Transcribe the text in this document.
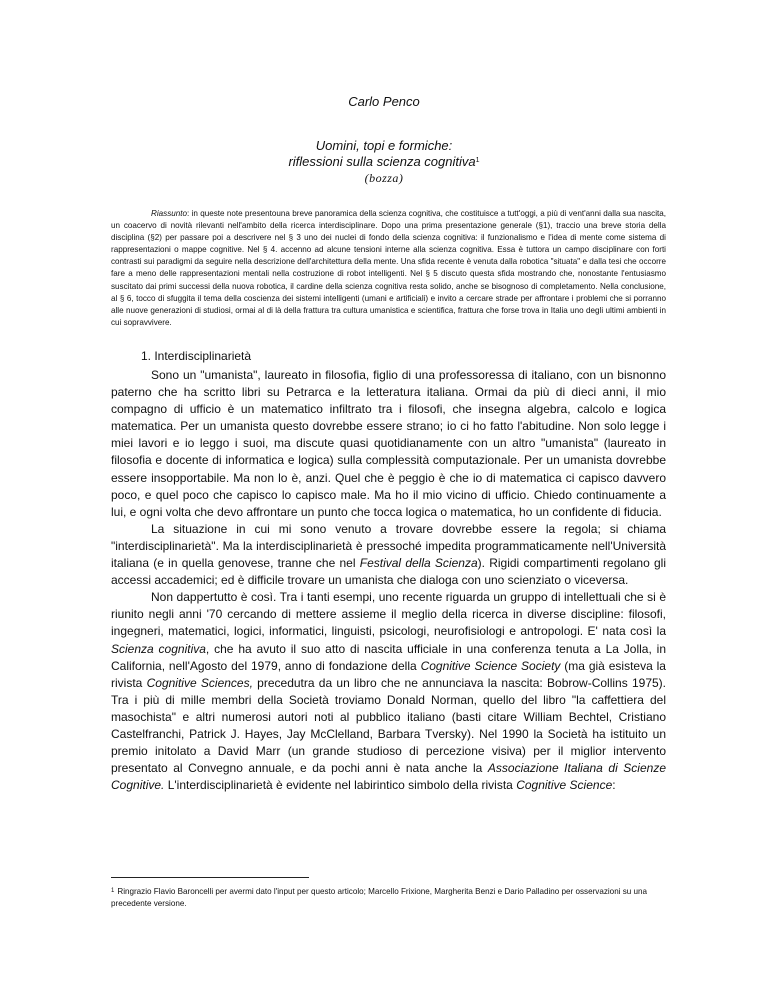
Carlo Penco
Uomini, topi e formiche:
riflessioni sulla scienza cognitiva$^1$
(bozza)

Riassunto: in queste note presentouna breve panoramica della scienza cognitiva, che costituisce a tutt'oggi, a più di vent'anni dalla sua nascita, un coacervo di novità rilevanti nell'ambito della ricerca interdisciplinare. Dopo una prima presentazione generale (§1), traccio una breve storia della disciplina (§2) per passare poi a descrivere nel § 3 uno dei nuclei di fondo della scienza cognitiva: il funzionalismo e l'idea di mente come sistema di rappresentazioni o mappe cognitive. Nel § 4. accenno ad alcune tensioni interne alla scienza cognitiva. Essa è tuttora un campo disciplinare con forti contrasti sui paradigmi da seguire nella descrizione dell'architettura della mente. Una sfida recente è venuta dalla robotica "situata" e dalla tesi che occorre fare a meno delle rappresentazioni mentali nella costruzione di robot intelligenti. Nel § 5 discuto questa sfida mostrando che, nonostante l'entusiasmo suscitato dai primi successi della nuova robotica, il cardine della scienza cognitiva resta solido, anche se bisognoso di completamento. Nella conclusione, al § 6, tocco di sfuggita il tema della coscienza dei sistemi intelligenti (umani e artificiali) e invito a cercare strade per affrontare i problemi che si porranno alle nuove generazioni di studiosi, ormai al di là della frattura tra cultura umanistica e scientifica, frattura che forse trova in Italia uno degli ultimi ambienti in cui sopravvivere.

1. Interdisciplinarietà

Sono un "umanista", laureato in filosofia, figlio di una professoressa di italiano, con un bisnonno paterno che ha scritto libri su Petrarca e la letteratura italiana. Ormai da più di dieci anni, il mio compagno di ufficio è un matematico infiltrato tra i filosofi, che insegna algebra, calcolo e logica matematica. Per un umanista questo dovrebbe essere strano; io ci ho fatto l'abitudine. Non solo legge i miei lavori e io leggo i suoi, ma discute quasi quotidianamente con un altro "umanista" (laureato in filosofia e docente di informatica e logica) sulla complessità computazionale. Per un umanista dovrebbe essere insopportabile. Ma non lo è, anzi. Quel che è peggio è che io di matematica ci capisco davvero poco, e quel poco che capisco lo capisco male. Ma ho il mio vicino di ufficio. Chiedo continuamente a lui, e ogni volta che devo affrontare un punto che tocca logica o matematica, ho un confidente di fiducia.

La situazione in cui mi sono venuto a trovare dovrebbe essere la regola; si chiama "interdisciplinarietà". Ma la interdisciplinarietà è pressoché impedita programmaticamente nell'Università italiana (e in quella genovese, tranne che nel Festival della Scienza). Rigidi compartimenti regolano gli accessi accademici; ed è difficile trovare un umanista che dialoga con uno scienziato o viceversa.

Non dappertutto è così. Tra i tanti esempi, uno recente riguarda un gruppo di intellettuali che si è riunito negli anni '70 cercando di mettere assieme il meglio della ricerca in diverse discipline: filosofi, ingegneri, matematici, logici, informatici, linguisti, psicologi, neurofisiologi e antropologi. E' nata così la Scienza cognitiva, che ha avuto il suo atto di nascita ufficiale in una conferenza tenuta a La Jolla, in California, nell'Agosto del 1979, anno di fondazione della Cognitive Science Society (ma già esisteva la rivista Cognitive Sciences, precedutra da un libro che ne annunciava la nascita: Bobrow-Collins 1975). Tra i più di mille membri della Società troviamo Donald Norman, quello del libro "la caffettiera del masochista" e altri numerosi autori noti al pubblico italiano (basti citare William Bechtel, Cristiano Castelfranchi, Patrick J. Hayes, Jay McClelland, Barbara Tversky). Nel 1990 la Società ha istituito un premio initolato a David Marr (un grande studioso di percezione visiva) per il miglior intervento presentato al Convegno annuale, e da pochi anni è nata anche la Associazione Italiana di Scienze Cognitive. L'interdisciplinarietà è evidente nel labirintico simbolo della rivista Cognitive Science:

$^1$ Ringrazio Flavio Baroncelli per avermi dato l'input per questo articolo; Marcello Frixione, Margherita Benzi e Dario Palladino per osservazioni su una precedente versione.
